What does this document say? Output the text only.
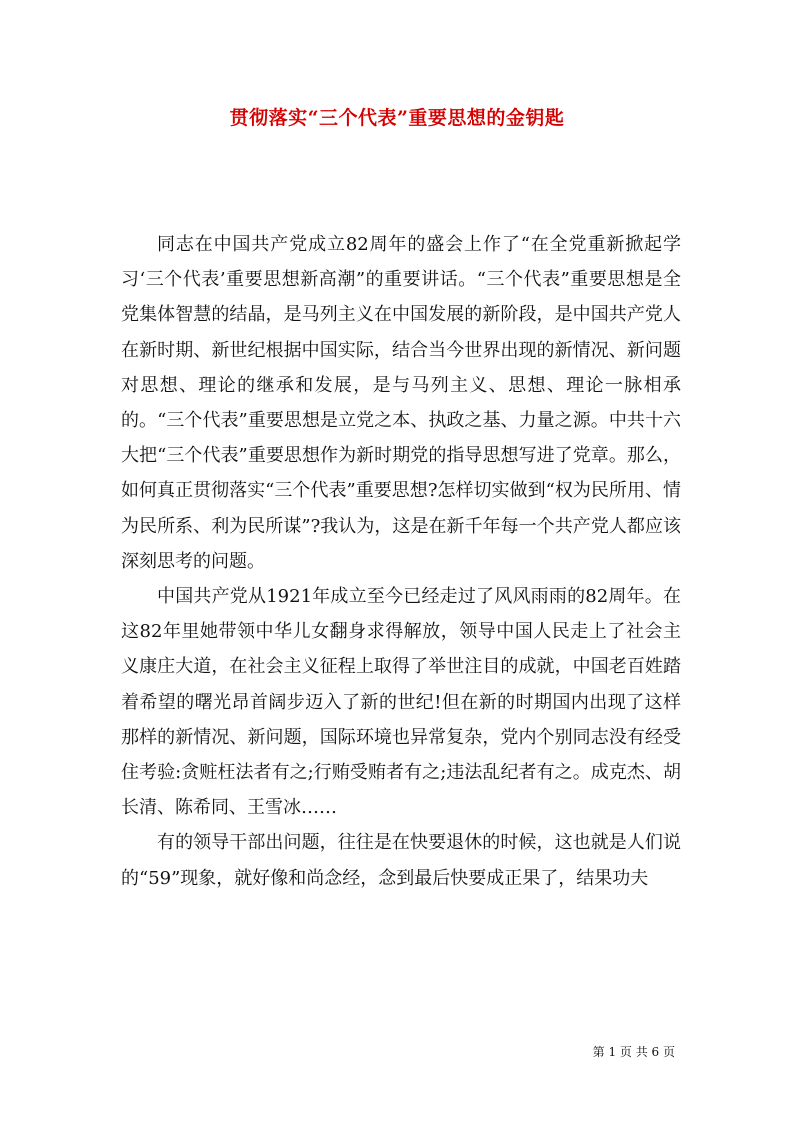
贯彻落实“三个代表”重要思想的金钥匙

同志在中国共产党成立82周年的盛会上作了“在全党重新掀起学习‘三个代表’重要思想新高潮”的重要讲话。“三个代表”重要思想是全党集体智慧的结晶，是马列主义在中国发展的新阶段，是中国共产党人在新时期、新世纪根据中国实际，结合当今世界出现的新情况、新问题对思想、理论的继承和发展，是与马列主义、思想、理论一脉相承的。“三个代表”重要思想是立党之本、执政之基、力量之源。中共十六大把“三个代表”重要思想作为新时期党的指导思想写进了党章。那么，如何真正贯彻落实“三个代表”重要思想?怎样切实做到“权为民所用、情为民所系、利为民所谋”?我认为，这是在新千年每一个共产党人都应该深刻思考的问题。

中国共产党从1921年成立至今已经走过了风风雨雨的82周年。在这82年里她带领中华儿女翻身求得解放，领导中国人民走上了社会主义康庄大道，在社会主义征程上取得了举世注目的成就，中国老百姓踏着希望的曙光昂首阔步迈入了新的世纪!但在新的时期国内出现了这样那样的新情况、新问题，国际环境也异常复杂，党内个别同志没有经受住考验:贪赃枉法者有之;行贿受贿者有之;违法乱纪者有之。成克杰、胡长清、陈希同、王雪冰……

有的领导干部出问题，往往是在快要退休的时候，这也就是人们说的“59”现象，就好像和尚念经，念到最后快要成正果了，结果功夫

第 1 页 共 6 页
